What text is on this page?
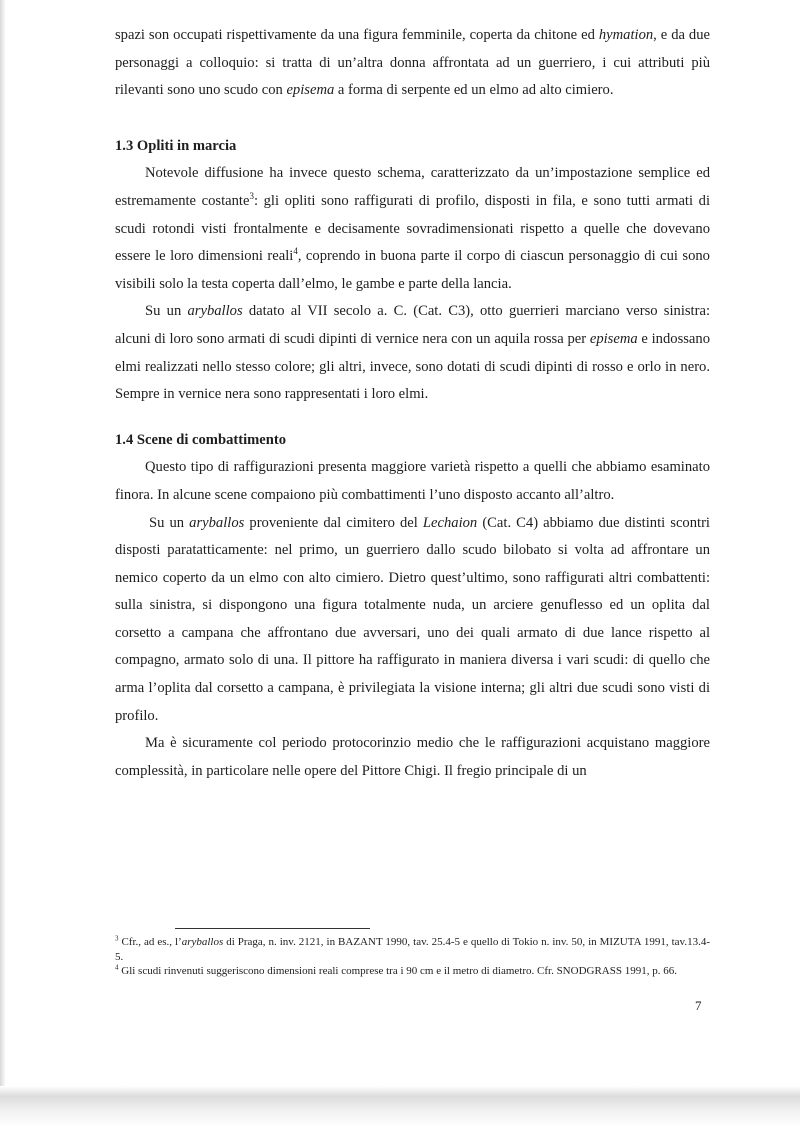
spazi son occupati rispettivamente da una figura femminile, coperta da chitone ed hymation, e da due personaggi a colloquio: si tratta di un’altra donna affrontata ad un guerriero, i cui attributi più rilevanti sono uno scudo con episema a forma di serpente ed un elmo ad alto cimiero.

1.3 Opliti in marcia

Notevole diffusione ha invece questo schema, caratterizzato da un’impostazione semplice ed estremamente costante$^3$: gli opliti sono raffigurati di profilo, disposti in fila, e sono tutti armati di scudi rotondi visti frontalmente e decisamente sovradimensionati rispetto a quelle che dovevano essere le loro dimensioni reali$^4$, coprendo in buona parte il corpo di ciascun personaggio di cui sono visibili solo la testa coperta dall’elmo, le gambe e parte della lancia.

Su un aryballos datato al VII secolo a. C. (Cat. C3), otto guerrieri marciano verso sinistra: alcuni di loro sono armati di scudi dipinti di vernice nera con un aquila rossa per episema e indossano elmi realizzati nello stesso colore; gli altri, invece, sono dotati di scudi dipinti di rosso e orlo in nero. Sempre in vernice nera sono rappresentati i loro elmi.

1.4 Scene di combattimento

Questo tipo di raffigurazioni presenta maggiore varietà rispetto a quelli che abbiamo esaminato finora. In alcune scene compaiono più combattimenti l’uno disposto accanto all’altro.

Su un aryballos proveniente dal cimitero del Lechaion (Cat. C4) abbiamo due distinti scontri disposti paratatticamente: nel primo, un guerriero dallo scudo bilobato si volta ad affrontare un nemico coperto da un elmo con alto cimiero. Dietro quest’ultimo, sono raffigurati altri combattenti: sulla sinistra, si dispongono una figura totalmente nuda, un arciere genuflesso ed un oplita dal corsetto a campana che affrontano due avversari, uno dei quali armato di due lance rispetto al compagno, armato solo di una. Il pittore ha raffigurato in maniera diversa i vari scudi: di quello che arma l’oplita dal corsetto a campana, è privilegiata la visione interna; gli altri due scudi sono visti di profilo.

Ma è sicuramente col periodo protocorinzio medio che le raffigurazioni acquistano maggiore complessità, in particolare nelle opere del Pittore Chigi. Il fregio principale di un

$^3$ Cfr., ad es., l’aryballos di Praga, n. inv. 2121, in BAZANT 1990, tav. 25.4-5 e quello di Tokio n. inv. 50, in MIZUTA 1991, tav.13.4-5.

$^4$ Gli scudi rinvenuti suggeriscono dimensioni reali comprese tra i 90 cm e il metro di diametro. Cfr. SNODGRASS 1991, p. 66.

7
